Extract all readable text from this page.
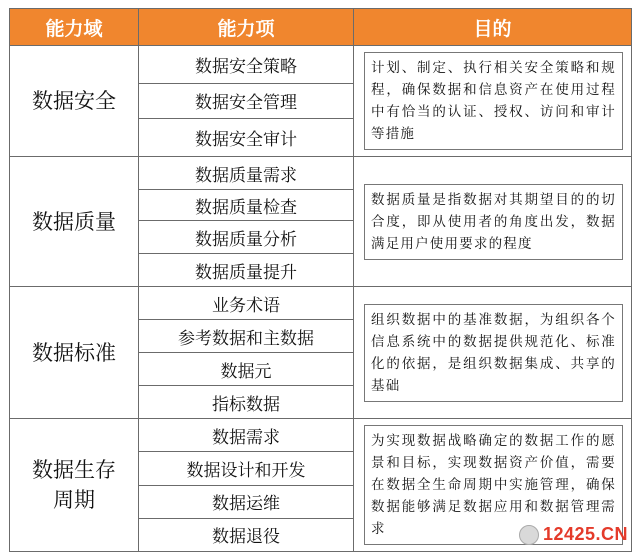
能力域	能力项	目的
数据安全	数据安全策略	计划、制定、执行相关安全策略和规程，确保数据和信息资产在使用过程中有恰当的认证、授权、访问和审计等措施

	数据安全管理	
	数据安全审计	
数据质量	数据质量需求	数据质量是指数据对其期望目的的切合度，即从使用者的角度出发，数据满足用户使用要求的程度

	数据质量检查	
	数据质量分析	
	数据质量提升	
数据标准	业务术语	组织数据中的基准数据，为组织各个信息系统中的数据提供规范化、标准化的依据，是组织数据集成、共享的基础

	参考数据和主数据	
	数据元	
	指标数据	
数据生存
周期	数据需求	为实现数据战略确定的数据工作的愿景和目标，实现数据资产价值，需要在数据全生命周期中实施管理，确保数据能够满足数据应用和数据管理需求

	数据设计和开发	
	数据运维	
	数据退役		12425.CN
